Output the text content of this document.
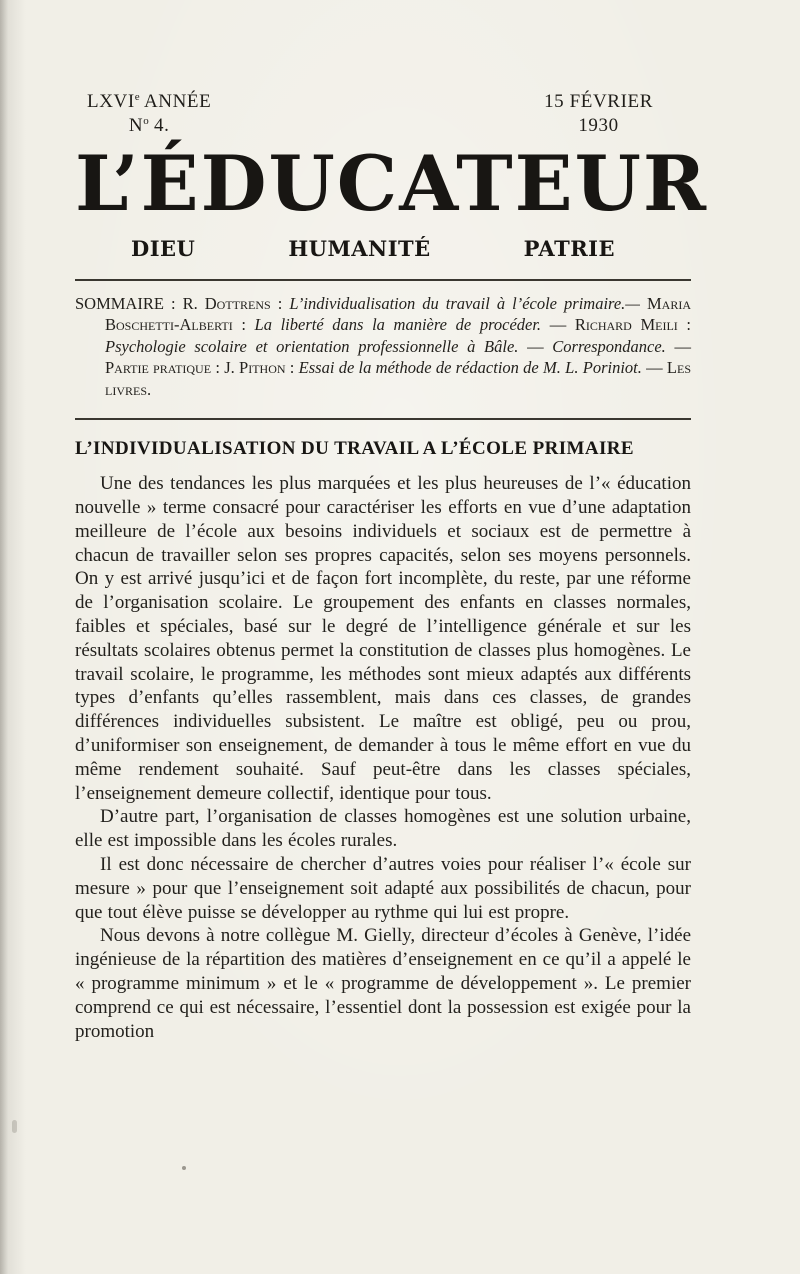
LXVIe ANNÉE
$N^o$ 4.
15 FÉVRIER
1930
L’ÉDUCATEUR
DIEU	HUMANITÉ	PATRIE

SOMMAIRE : R. Dottrens : L’individualisation du travail à l’école primaire.— Maria Boschetti-Alberti : La liberté dans la manière de procéder. — Richard Meili : Psychologie scolaire et orientation professionnelle à Bâle. — Correspondance. — Partie pratique : J. Pithon : Essai de la méthode de rédaction de M. L. Poriniot. — Les livres.

L’INDIVIDUALISATION DU TRAVAIL A L’ÉCOLE PRIMAIRE

Une des tendances les plus marquées et les plus heureuses de l’« éducation nouvelle » terme consacré pour caractériser les efforts en vue d’une adaptation meilleure de l’école aux besoins individuels et sociaux est de permettre à chacun de travailler selon ses propres capacités, selon ses moyens personnels. On y est arrivé jusqu’ici et de façon fort incomplète, du reste, par une réforme de l’organisation scolaire. Le groupement des enfants en classes normales, faibles et spéciales, basé sur le degré de l’intelligence générale et sur les résultats scolaires obtenus permet la constitution de classes plus homogènes. Le travail scolaire, le programme, les méthodes sont mieux adaptés aux différents types d’enfants qu’elles rassemblent, mais dans ces classes, de grandes différences individuelles subsistent. Le maître est obligé, peu ou prou, d’uniformiser son enseignement, de demander à tous le même effort en vue du même rendement souhaité. Sauf peut-être dans les classes spéciales, l’enseignement demeure collectif, identique pour tous.

D’autre part, l’organisation de classes homogènes est une solution urbaine, elle est impossible dans les écoles rurales.

Il est donc nécessaire de chercher d’autres voies pour réaliser l’« école sur mesure » pour que l’enseignement soit adapté aux possibilités de chacun, pour que tout élève puisse se développer au rythme qui lui est propre.

Nous devons à notre collègue M. Gielly, directeur d’écoles à Genève, l’idée ingénieuse de la répartition des matières d’enseignement en ce qu’il a appelé le « programme minimum » et le « programme de développement ». Le premier comprend ce qui est nécessaire, l’essentiel dont la possession est exigée pour la promotion
